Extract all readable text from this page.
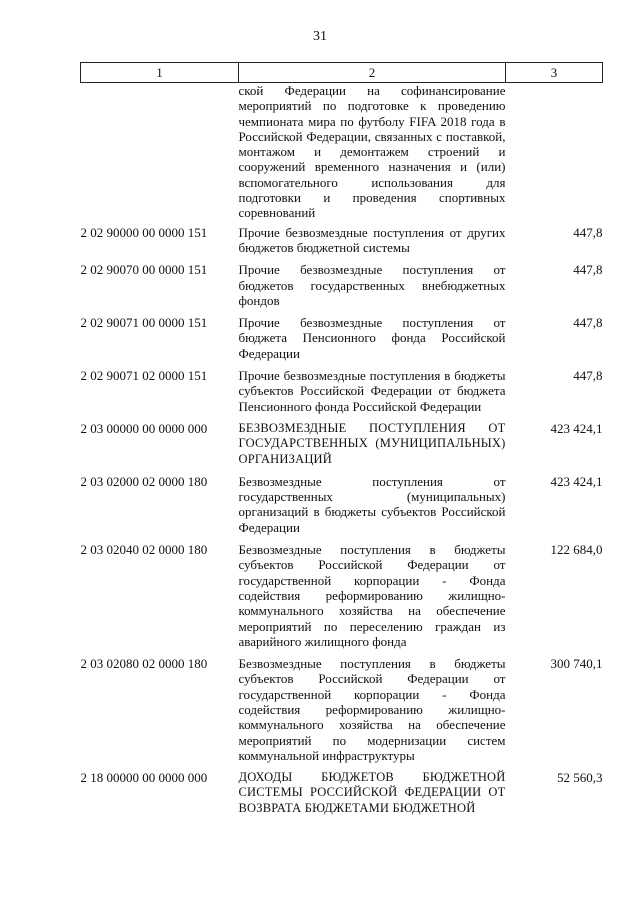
31
1	2	3
	ской Федерации на софинансирование мероприятий по подготовке к проведению чемпионата мира по футболу FIFA 2018 года в Российской Федерации, связанных с поставкой, монтажом и демонтажем строений и сооружений временного назначения и (или) вспомогательного использования для подготовки и проведения спортивных соревнований	
2 02 90000 00 0000 151	Прочие безвозмездные поступления от других бюджетов бюджетной системы	447,8
2 02 90070 00 0000 151	Прочие безвозмездные поступления от бюджетов государственных внебюджетных фондов	447,8
2 02 90071 00 0000 151	Прочие безвозмездные поступления от бюджета Пенсионного фонда Российской Федерации	447,8
2 02 90071 02 0000 151	Прочие безвозмездные поступления в бюджеты субъектов Российской Федерации от бюджета Пенсионного фонда Российской Федерации	447,8
2 03 00000 00 0000 000	БЕЗВОЗМЕЗДНЫЕ ПОСТУПЛЕНИЯ ОТ ГОСУДАРСТВЕННЫХ (МУНИЦИПАЛЬНЫХ) ОРГАНИЗАЦИЙ	423 424,1
2 03 02000 02 0000 180	Безвозмездные поступления от государственных (муниципальных) организаций в бюджеты субъектов Российской Федерации	423 424,1
2 03 02040 02 0000 180	Безвозмездные поступления в бюджеты субъектов Российской Федерации от государственной корпорации - Фонда содействия реформированию жилищно-коммунального хозяйства на обеспечение мероприятий по переселению граждан из аварийного жилищного фонда	122 684,0
2 03 02080 02 0000 180	Безвозмездные поступления в бюджеты субъектов Российской Федерации от государственной корпорации - Фонда содействия реформированию жилищно-коммунального хозяйства на обеспечение мероприятий по модернизации систем коммунальной инфраструктуры	300 740,1
2 18 00000 00 0000 000	ДОХОДЫ БЮДЖЕТОВ БЮДЖЕТНОЙ СИСТЕМЫ РОССИЙСКОЙ ФЕДЕРАЦИИ ОТ ВОЗВРАТА БЮДЖЕТАМИ БЮДЖЕТНОЙ	52 560,3
